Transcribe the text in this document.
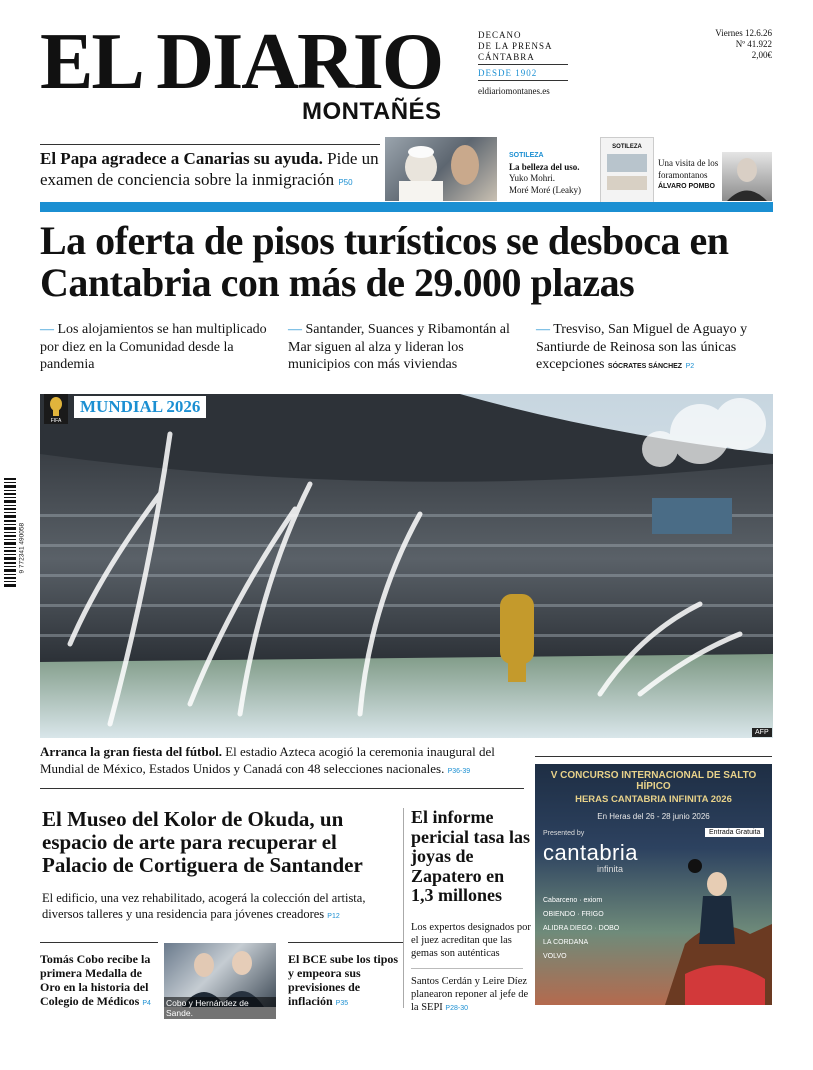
EL DIARIO
MONTAÑÉS
DECANO
DE LA PRENSA
CÁNTABRA
DESDE 1902
eldiariomontanes.es
Viernes 12.6.26
Nº 41.922
2,00€
El Papa agradece a Canarias su ayuda. Pide un examen de conciencia sobre la inmigración P50
SOTILEZA
La belleza del uso.
Yuko Mohri.
Moré Moré (Leaky)
SOTILEZA
Una visita de los foramontanos
ÁLVARO POMBO
La oferta de pisos turísticos se desboca en Cantabria con más de 29.000 plazas
— Los alojamientos se han multiplicado por diez en la Comunidad desde la pandemia
— Santander, Suances y Ribamontán al Mar siguen al alza y lideran los municipios con más viviendas
— Tresviso, San Miguel de Aguayo y Santiurde de Reinosa son las únicas excepciones SÓCRATES SÁNCHEZ P2
FIFA
MUNDIAL 2026
AFP
Arranca la gran fiesta del fútbol. El estadio Azteca acogió la ceremonia inaugural del Mundial de México, Estados Unidos y Canadá con 48 selecciones nacionales. P36-39
El Museo del Kolor de Okuda, un espacio de arte para recuperar el Palacio de Cortiguera de Santander
El edificio, una vez rehabilitado, acogerá la colección del artista, diversos talleres y una residencia para jóvenes creadores P12
El informe pericial tasa las joyas de Zapatero en 1,3 millones
Los expertos designados por el juez acreditan que las gemas son auténticas
Santos Cerdán y Leire Díez planearon reponer al jefe de la SEPI P28-30
Tomás Cobo recibe la primera Medalla de Oro en la historia del Colegio de Médicos P4	Cobo y Hernández de Sande.
El BCE sube los tipos y empeora sus previsiones de inflación P35
V CONCURSO INTERNACIONAL DE SALTO HÍPICO
HERAS CANTABRIA INFINITA 2026
En Heras del 26 - 28 junio 2026
Presented by	Entrada Gratuita
cantabria
infinita
Cabarceno · exiom
OBIENDO · FRIGO
ALIDRA DIEGO · DOBO
LA CORDANA
VOLVO
9 772341 490058
